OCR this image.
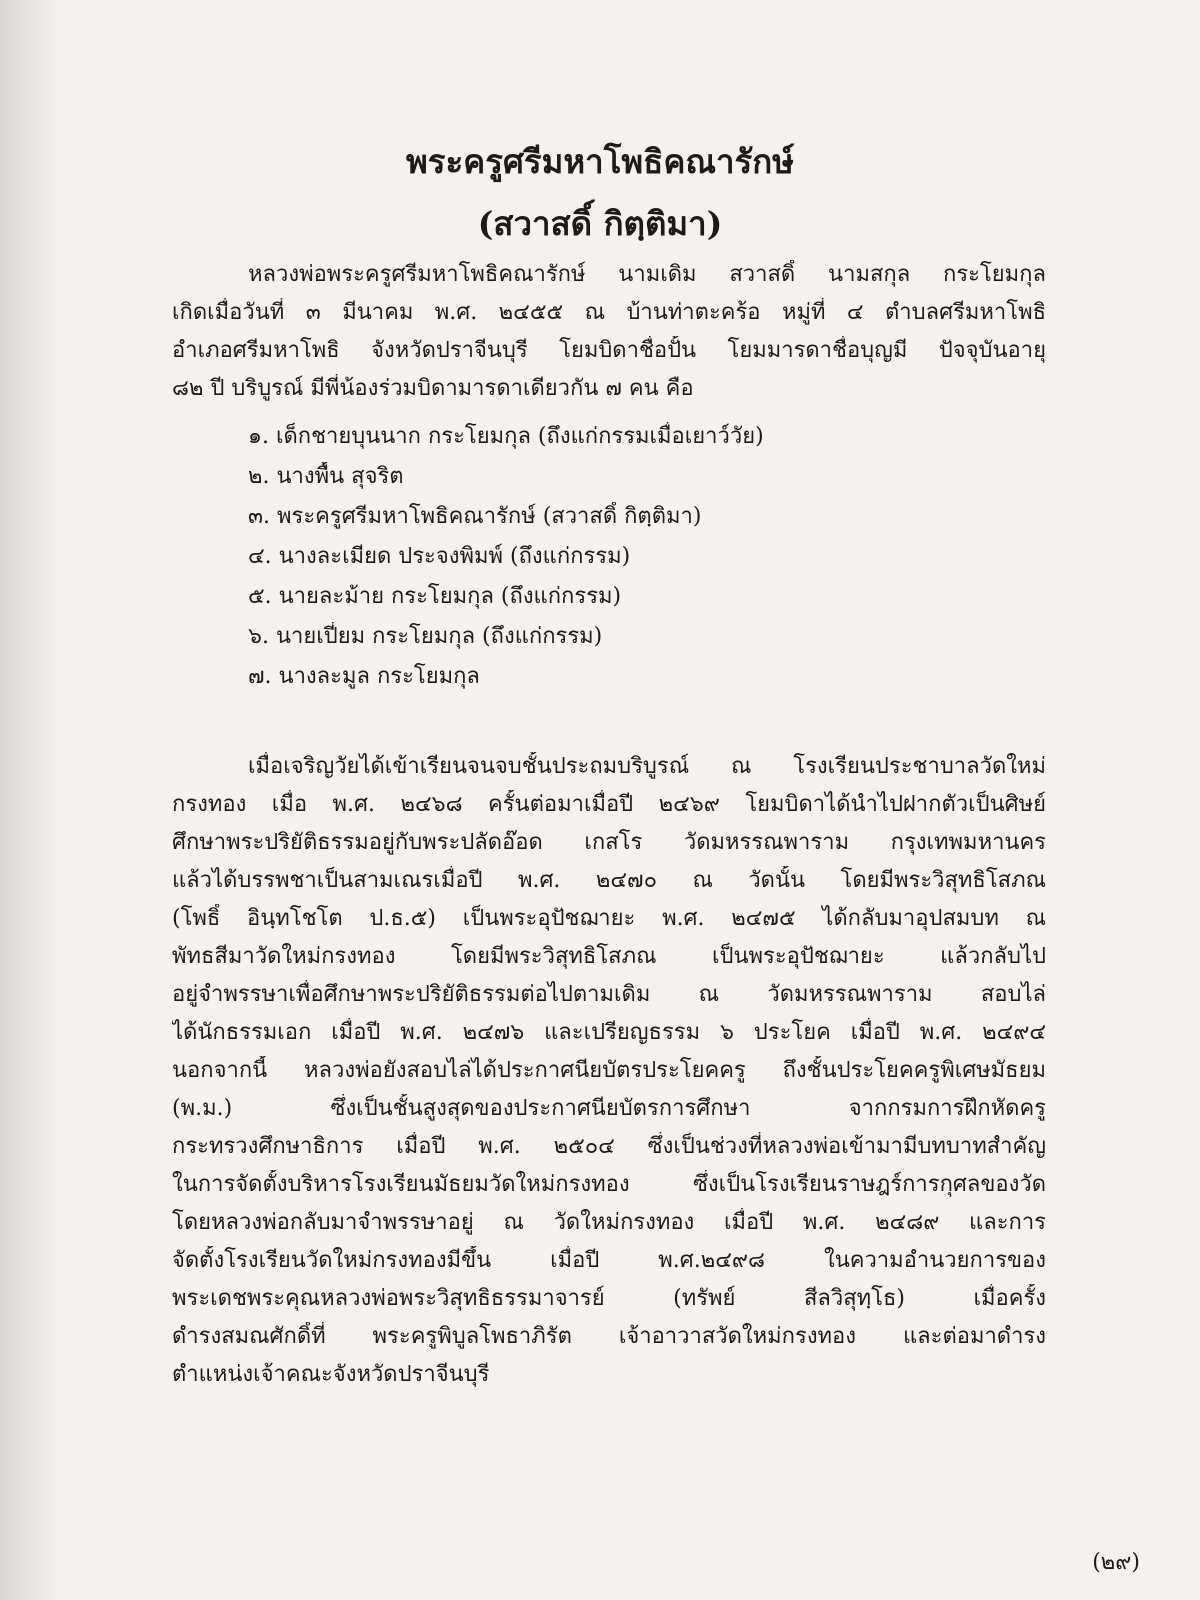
พระครูศรีมหาโพธิคณารักษ์
(สวาสดิ์ กิตฺติมา)

หลวงพ่อพระครูศรีมหาโพธิคณารักษ์ นามเดิม สวาสดิ์ นามสกุล กระโยมกุล

เกิดเมื่อวันที่ ๓ มีนาคม พ.ศ. ๒๔๕๕ ณ บ้านท่าตะคร้อ หมู่ที่ ๔ ตำบลศรีมหาโพธิ

อำเภอศรีมหาโพธิ จังหวัดปราจีนบุรี โยมบิดาชื่อปั้น โยมมารดาชื่อบุญมี ปัจจุบันอายุ

๘๒ ปี บริบูรณ์ มีพี่น้องร่วมบิดามารดาเดียวกัน ๗ คน คือ

๑. เด็กชายบุนนาก กระโยมกุล (ถึงแก่กรรมเมื่อเยาว์วัย)

๒. นางพื้น สุจริต

๓. พระครูศรีมหาโพธิคณารักษ์ (สวาสดิ์ กิตฺติมา)

๔. นางละเมียด ประจงพิมพ์ (ถึงแก่กรรม)

๕. นายละม้าย กระโยมกุล (ถึงแก่กรรม)

๖. นายเปี่ยม กระโยมกุล (ถึงแก่กรรม)

๗. นางละมูล กระโยมกุล

เมื่อเจริญวัยได้เข้าเรียนจนจบชั้นประถมบริบูรณ์ ณ โรงเรียนประชาบาลวัดใหม่

กรงทอง เมื่อ พ.ศ. ๒๔๖๘ ครั้นต่อมาเมื่อปี ๒๔๖๙ โยมบิดาได้นำไปฝากตัวเป็นศิษย์

ศึกษาพระปริยัติธรรมอยู่กับพระปลัดอ๊อด เกสโร วัดมหรรณพาราม กรุงเทพมหานคร

แล้วได้บรรพชาเป็นสามเณรเมื่อปี พ.ศ. ๒๔๗๐ ณ วัดนั้น โดยมีพระวิสุทธิโสภณ

(โพธิ์ อินฺทโชโต ป.ธ.๕) เป็นพระอุปัชฌายะ พ.ศ. ๒๔๗๕ ได้กลับมาอุปสมบท ณ

พัทธสีมาวัดใหม่กรงทอง โดยมีพระวิสุทธิโสภณ เป็นพระอุปัชฌายะ แล้วกลับไป

อยู่จำพรรษาเพื่อศึกษาพระปริยัติธรรมต่อไปตามเดิม ณ วัดมหรรณพาราม สอบไล่

ได้นักธรรมเอก เมื่อปี พ.ศ. ๒๔๗๖ และเปรียญธรรม ๖ ประโยค เมื่อปี พ.ศ. ๒๔๙๔

นอกจากนี้ หลวงพ่อยังสอบไล่ได้ประกาศนียบัตรประโยคครู ถึงชั้นประโยคครูพิเศษมัธยม

(พ.ม.) ซึ่งเป็นชั้นสูงสุดของประกาศนียบัตรการศึกษา จากกรมการฝึกหัดครู

กระทรวงศึกษาธิการ เมื่อปี พ.ศ. ๒๕๐๔ ซึ่งเป็นช่วงที่หลวงพ่อเข้ามามีบทบาทสำคัญ

ในการจัดตั้งบริหารโรงเรียนมัธยมวัดใหม่กรงทอง ซึ่งเป็นโรงเรียนราษฎร์การกุศลของวัด

โดยหลวงพ่อกลับมาจำพรรษาอยู่ ณ วัดใหม่กรงทอง เมื่อปี พ.ศ. ๒๔๘๙ และการ

จัดตั้งโรงเรียนวัดใหม่กรงทองมีขึ้น เมื่อปี พ.ศ.๒๔๙๘ ในความอำนวยการของ

พระเดชพระคุณหลวงพ่อพระวิสุทธิธรรมาจารย์ (ทรัพย์ สีลวิสุทฺโธ) เมื่อครั้ง

ดำรงสมณศักดิ์ที่ พระครูพิบูลโพธาภิรัต เจ้าอาวาสวัดใหม่กรงทอง และต่อมาดำรง

ตำแหน่งเจ้าคณะจังหวัดปราจีนบุรี

(๒๙)
